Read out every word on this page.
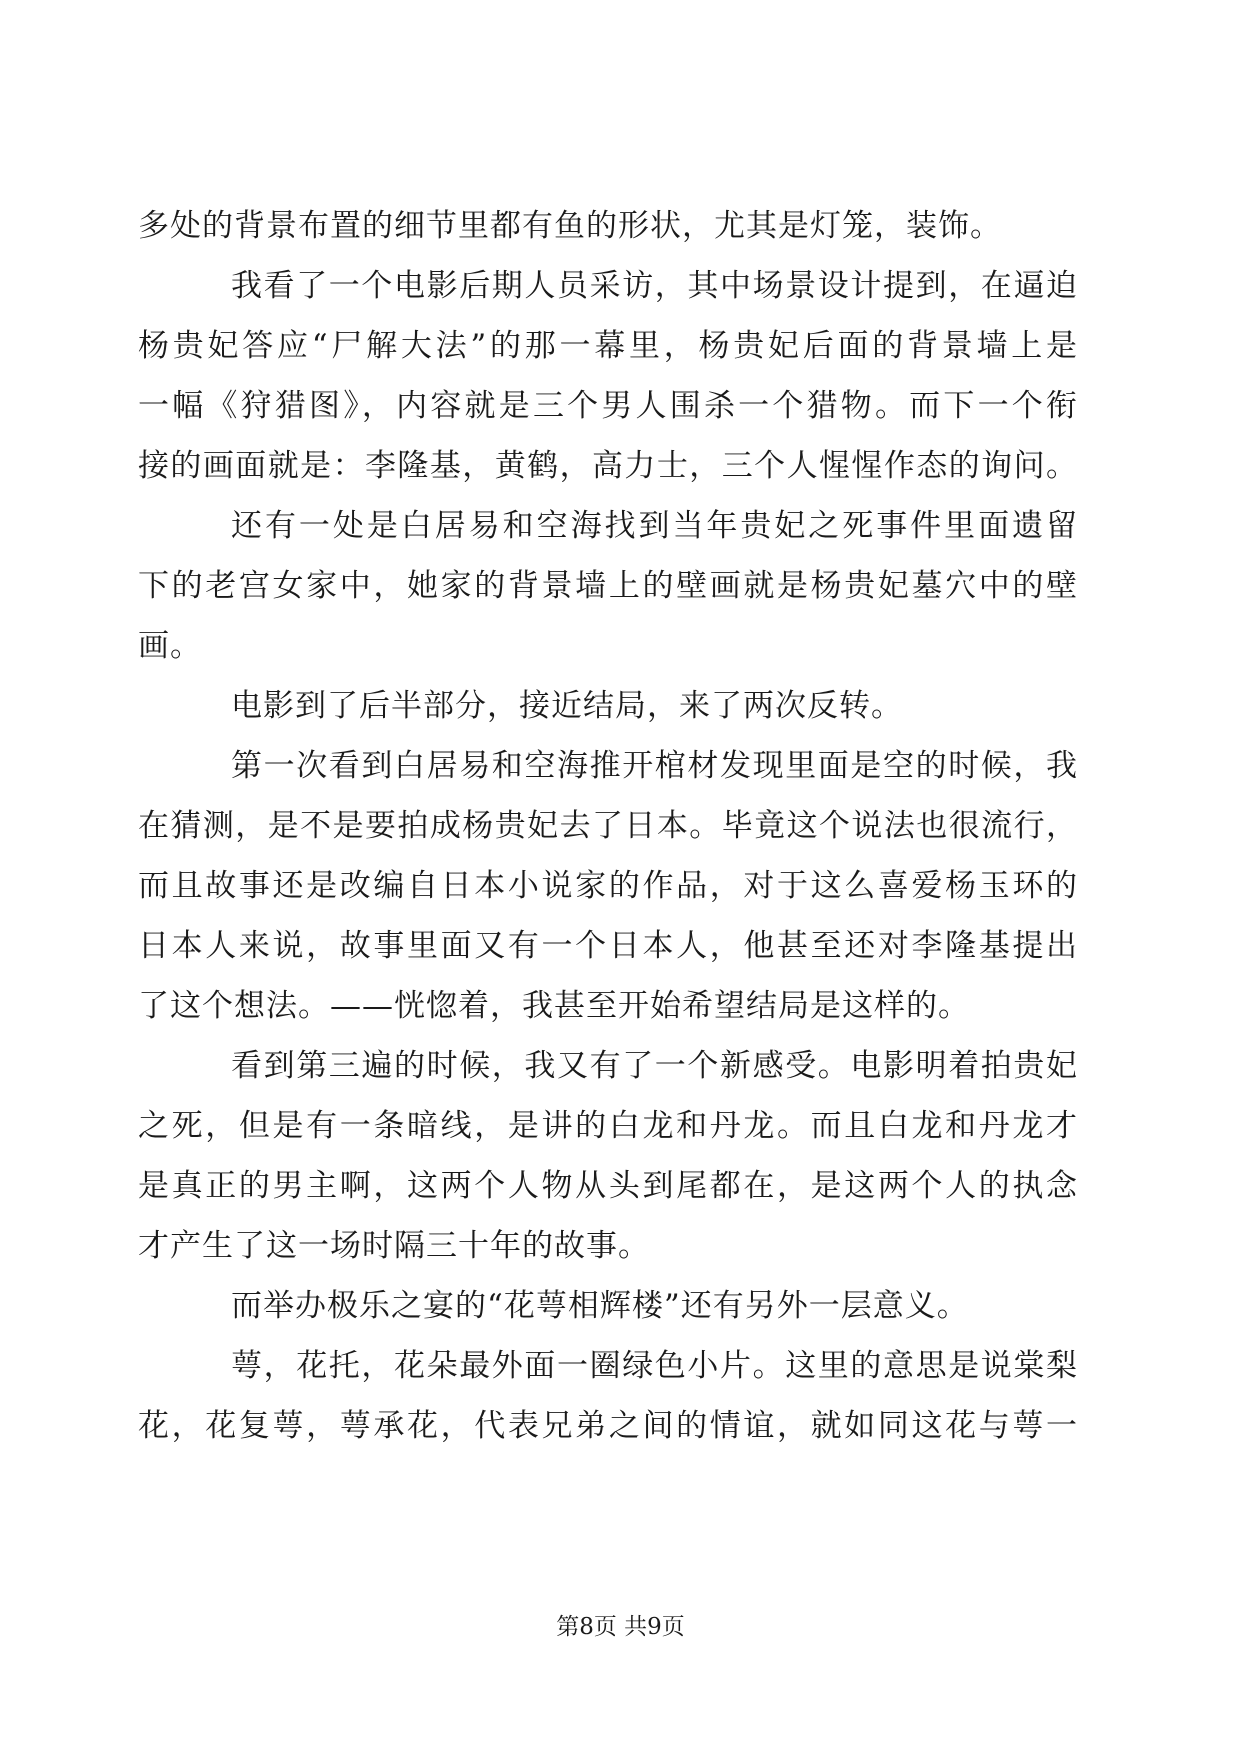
多处的背景布置的细节里都有鱼的形状，尤其是灯笼，装饰。
我看了一个电影后期人员采访，其中场景设计提到，在逼迫
杨贵妃答应“尸解大法”的那一幕里，杨贵妃后面的背景墙上是
一幅《狩猎图》，内容就是三个男人围杀一个猎物。而下一个衔
接的画面就是：李隆基，黄鹤，高力士，三个人惺惺作态的询问。
还有一处是白居易和空海找到当年贵妃之死事件里面遗留
下的老宫女家中，她家的背景墙上的壁画就是杨贵妃墓穴中的壁
画。
电影到了后半部分，接近结局，来了两次反转。
第一次看到白居易和空海推开棺材发现里面是空的时候，我
在猜测，是不是要拍成杨贵妃去了日本。毕竟这个说法也很流行，
而且故事还是改编自日本小说家的作品，对于这么喜爱杨玉环的
日本人来说，故事里面又有一个日本人，他甚至还对李隆基提出
了这个想法。——恍惚着，我甚至开始希望结局是这样的。
看到第三遍的时候，我又有了一个新感受。电影明着拍贵妃
之死，但是有一条暗线，是讲的白龙和丹龙。而且白龙和丹龙才
是真正的男主啊，这两个人物从头到尾都在，是这两个人的执念
才产生了这一场时隔三十年的故事。
而举办极乐之宴的“花萼相辉楼”还有另外一层意义。
萼，花托，花朵最外面一圈绿色小片。这里的意思是说棠梨
花，花复萼，萼承花，代表兄弟之间的情谊，就如同这花与萼一
第8页 共9页
